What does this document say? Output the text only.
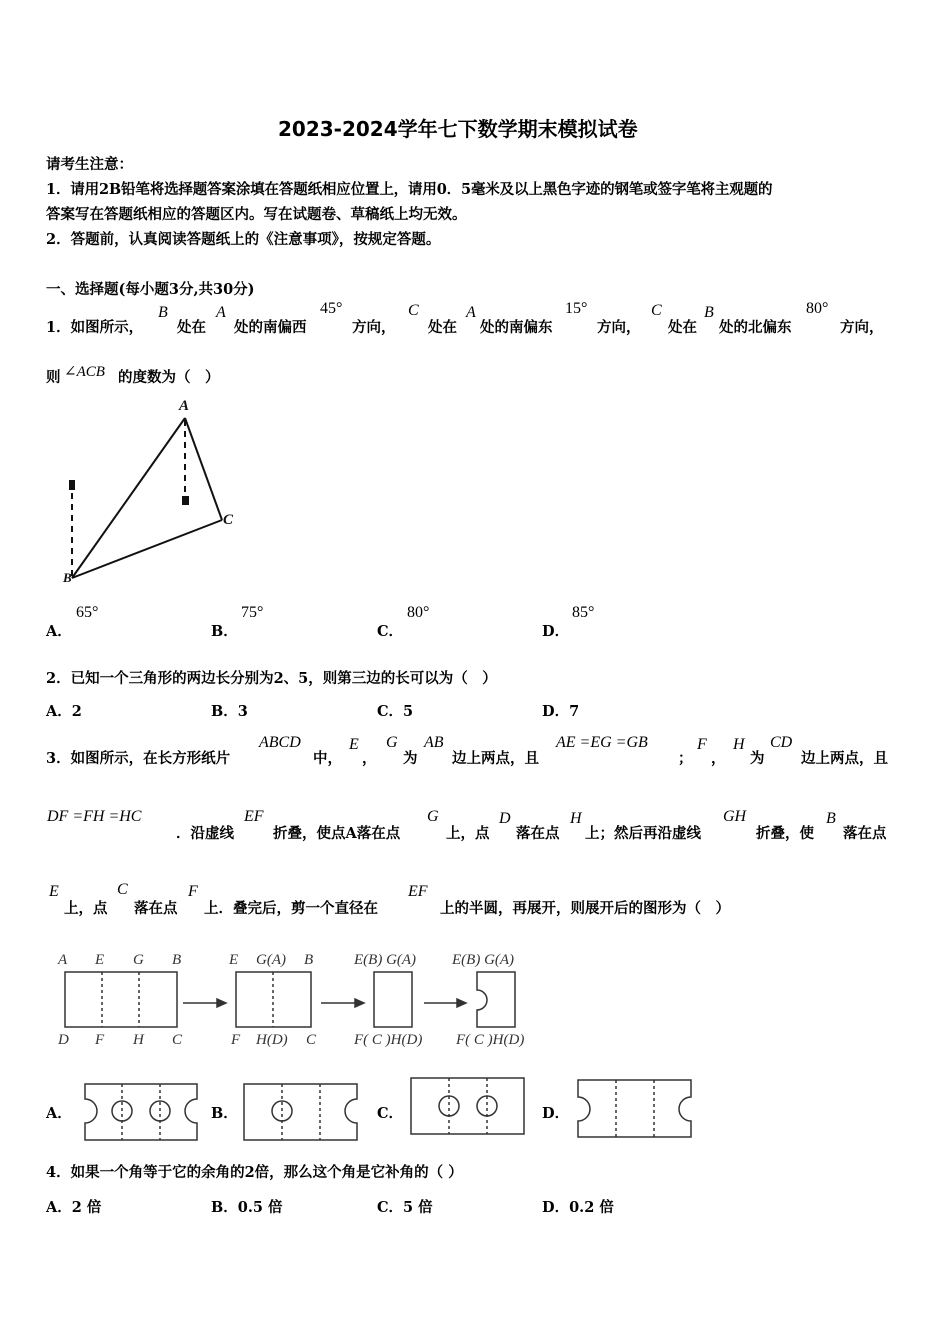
2023-2024学年七下数学期末模拟试卷
请考生注意：
1．请用2B铅笔将选择题答案涂填在答题纸相应位置上，请用0．5毫米及以上黑色字迹的钢笔或签字笔将主观题的
答案写在答题纸相应的答题区内。写在试题卷、草稿纸上均无效。
2．答题前，认真阅读答题纸上的《注意事项》，按规定答题。
一、选择题(每小题3分,共30分)
1．如图所示，
B
处在
A
处的南偏西
45°
方向，
C
处在
A
处的南偏东
15°
方向，
C
处在
B
处的北偏东
80°
方向，
则 ∠ACB 的度数为（　）
A
B
C
A．
65°
B．
75°
C．
80°
D．
85°
2．已知一个三角形的两边长分别为2、5，则第三边的长可以为（　）
A．2	B．3	C．5	D．7
3．如图所示，在长方形纸片
ABCD
中，
E
，
G
为
AB
边上两点，且
AE =EG =GB
；
F
，
H
为
CD
边上两点，且
DF =FH =HC
．沿虚线
EF
折叠，使点A落在点
G
上，点
D
落在点
H
上；然后再沿虚线
GH
折叠，使
B
落在点
E
上，点
C
落在点
F
上．叠完后，剪一个直径在
EF
上的半圆，再展开，则展开后的图形为（　）
A E G B
D F H C
E G(A) B
F H(D) C
E(B) G(A)
F( C )H(D)
E(B) G(A)
F( C )H(D)
A．	B．	C．	D．
4．如果一个角等于它的余角的2倍，那么这个角是它补角的（ ）
A．2 倍	B．0.5 倍	C．5 倍	D．0.2 倍
